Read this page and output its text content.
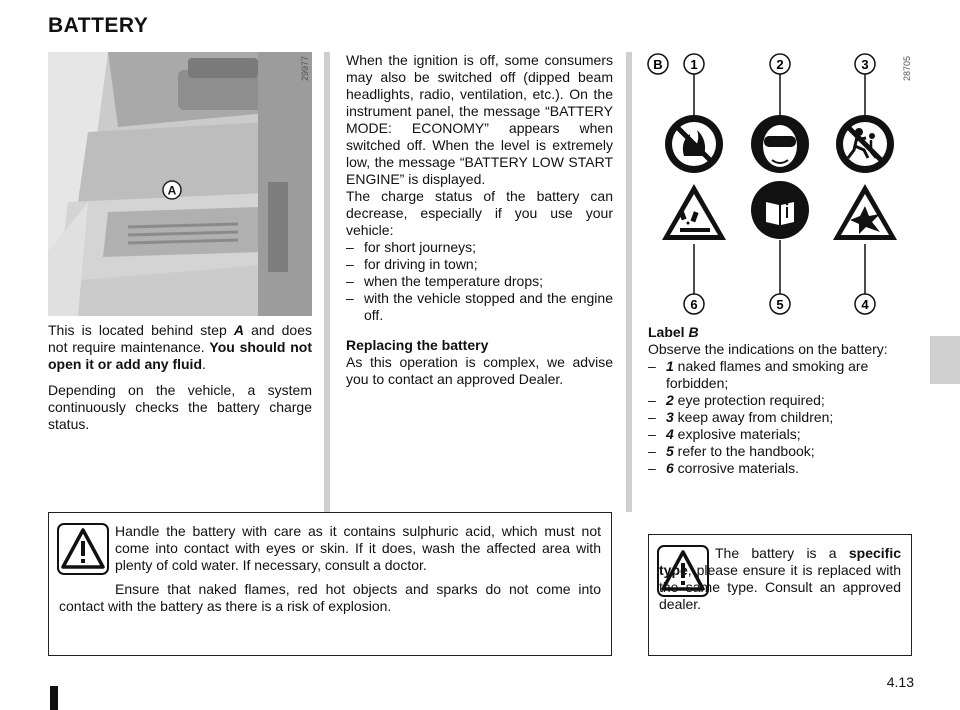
BATTERY
A
29977

This is located behind step A and does not require maintenance. You should not open it or add any fluid.

Depending on the vehicle, a system continuously checks the battery charge status.

When the ignition is off, some consumers may also be switched off (dipped beam headlights, radio, ventilation, etc.). On the instrument panel, the message “BATTERY MODE: ECONOMY” appears when switched off. When the level is extremely low, the message “BATTERY LOW START ENGINE” is displayed.

The charge status of the battery can decrease, especially if you use your vehicle:

– for short journeys;
– for driving in town;
– when the temperature drops;
– with the vehicle stopped and the engine off.
Replacing the battery
As this operation is complex, we advise you to contact an approved Dealer.
B 1	2	3
6	5	4
28705
Label B
Observe the indications on the battery:
– 1 naked flames and smoking are forbidden;
– 2 eye protection required;
– 3 keep away from children;
– 4 explosive materials;
– 5 refer to the handbook;
– 6 corrosive materials.
Handle the battery with care as it contains sulphuric acid, which must not come into contact with eyes or skin. If it does, wash the affected area with plenty of cold water. If necessary, consult a doctor.
Ensure that naked flames, red hot objects and sparks do not come into contact with the battery as there is a risk of explosion.
The battery is a specific type, please ensure it is replaced with the same type. Consult an approved dealer.
4.13
